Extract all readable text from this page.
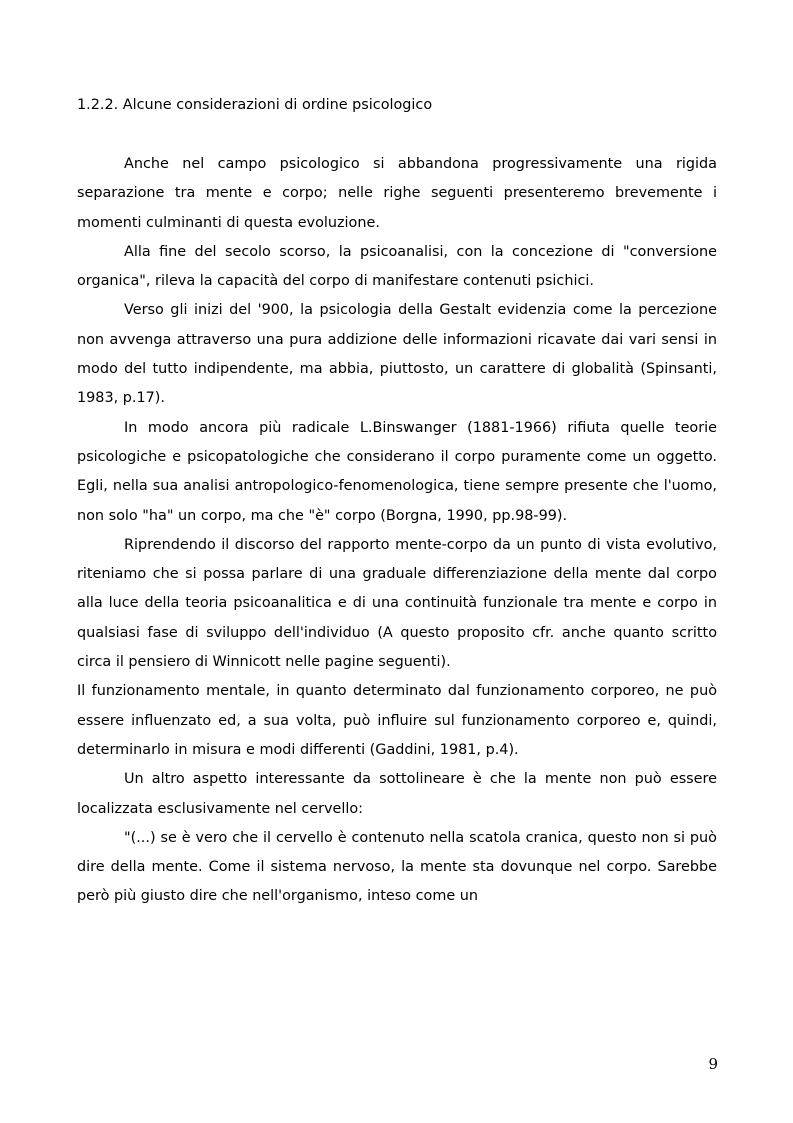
1.2.2. Alcune considerazioni di ordine psicologico

Anche nel campo psicologico si abbandona progressivamente una rigida separazione tra mente e corpo; nelle righe seguenti presenteremo brevemente i momenti culminanti di questa evoluzione.

Alla fine del secolo scorso, la psicoanalisi, con la concezione di "conversione organica", rileva la capacità del corpo di manifestare contenuti psichici.

Verso gli inizi del '900, la psicologia della Gestalt evidenzia come la percezione non avvenga attraverso una pura addizione delle informazioni ricavate dai vari sensi in modo del tutto indipendente, ma abbia, piuttosto, un carattere di globalità (Spinsanti, 1983, p.17).

In modo ancora più radicale L.Binswanger (1881-1966) rifiuta quelle teorie psicologiche e psicopatologiche che considerano il corpo puramente come un oggetto. Egli, nella sua analisi antropologico-fenomenologica, tiene sempre presente che l'uomo, non solo "ha" un corpo, ma che "è" corpo (Borgna, 1990, pp.98-99).

Riprendendo il discorso del rapporto mente-corpo da un punto di vista evolutivo, riteniamo che si possa parlare di una graduale differenziazione della mente dal corpo alla luce della teoria psicoanalitica e di una continuità funzionale tra mente e corpo in qualsiasi fase di sviluppo dell'individuo (A questo proposito cfr. anche quanto scritto circa il pensiero di Winnicott nelle pagine seguenti).

Il funzionamento mentale, in quanto determinato dal funzionamento corporeo, ne può essere influenzato ed, a sua volta, può influire sul funzionamento corporeo e, quindi, determinarlo in misura e modi differenti (Gaddini, 1981, p.4).

Un altro aspetto interessante da sottolineare è che la mente non può essere localizzata esclusivamente nel cervello:

"(...) se è vero che il cervello è contenuto nella scatola cranica, questo non si può dire della mente. Come il sistema nervoso, la mente sta dovunque nel corpo. Sarebbe però più giusto dire che nell'organismo, inteso come un

9
